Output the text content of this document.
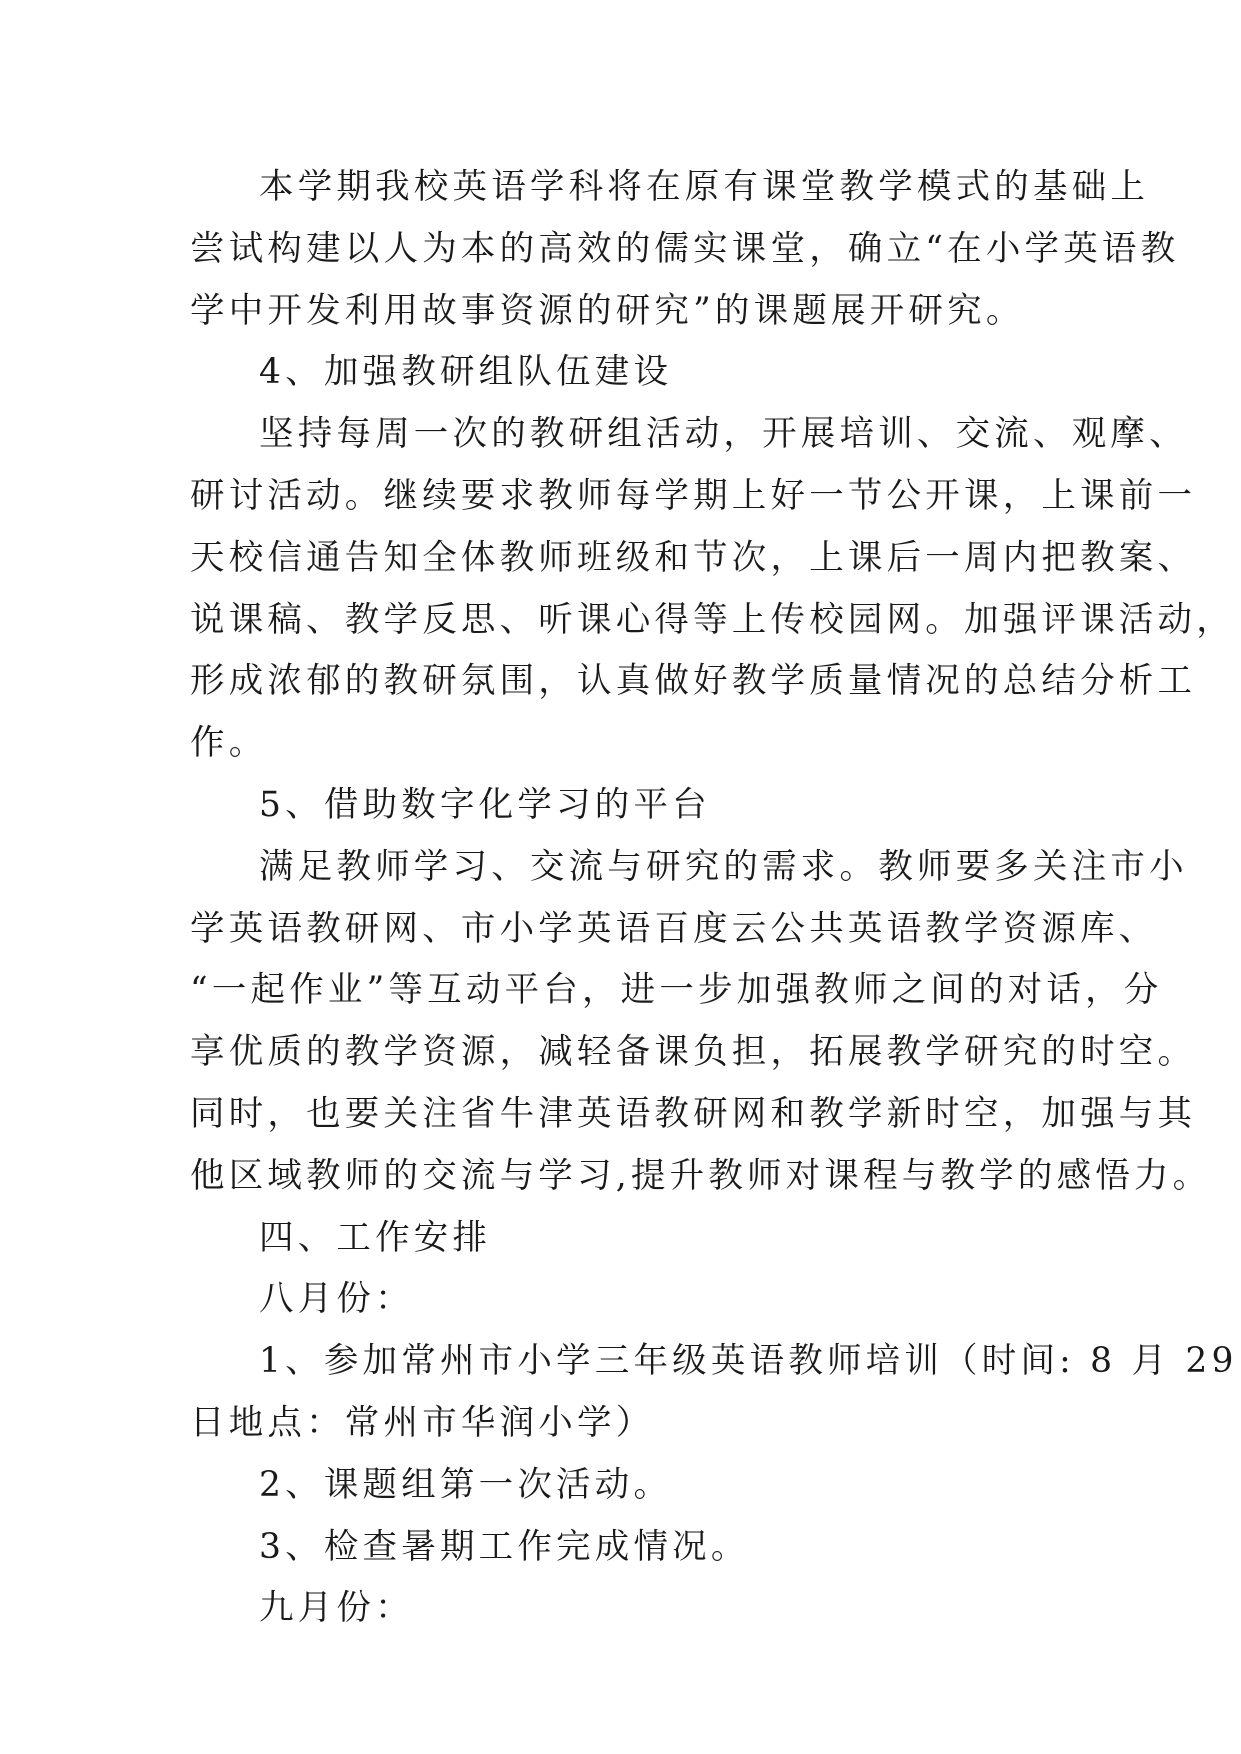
本学期我校英语学科将在原有课堂教学模式的基础上
尝试构建以人为本的高效的儒实课堂，确立“在小学英语教
学中开发利用故事资源的研究”的课题展开研究。

4、加强教研组队伍建设

坚持每周一次的教研组活动，开展培训、交流、观摩、
研讨活动。继续要求教师每学期上好一节公开课，上课前一
天校信通告知全体教师班级和节次，上课后一周内把教案、
说课稿、教学反思、听课心得等上传校园网。加强评课活动，
形成浓郁的教研氛围，认真做好教学质量情况的总结分析工
作。

5、借助数字化学习的平台

满足教师学习、交流与研究的需求。教师要多关注市小
学英语教研网、市小学英语百度云公共英语教学资源库、
“一起作业”等互动平台，进一步加强教师之间的对话，分
享优质的教学资源，减轻备课负担，拓展教学研究的时空。
同时，也要关注省牛津英语教研网和教学新时空，加强与其
他区域教师的交流与学习,提升教师对课程与教学的感悟力。

四、工作安排

八月份：

1、参加常州市小学三年级英语教师培训（时间: 8 月 29
日地点：常州市华润小学）

2、课题组第一次活动。

3、检查暑期工作完成情况。

九月份：
